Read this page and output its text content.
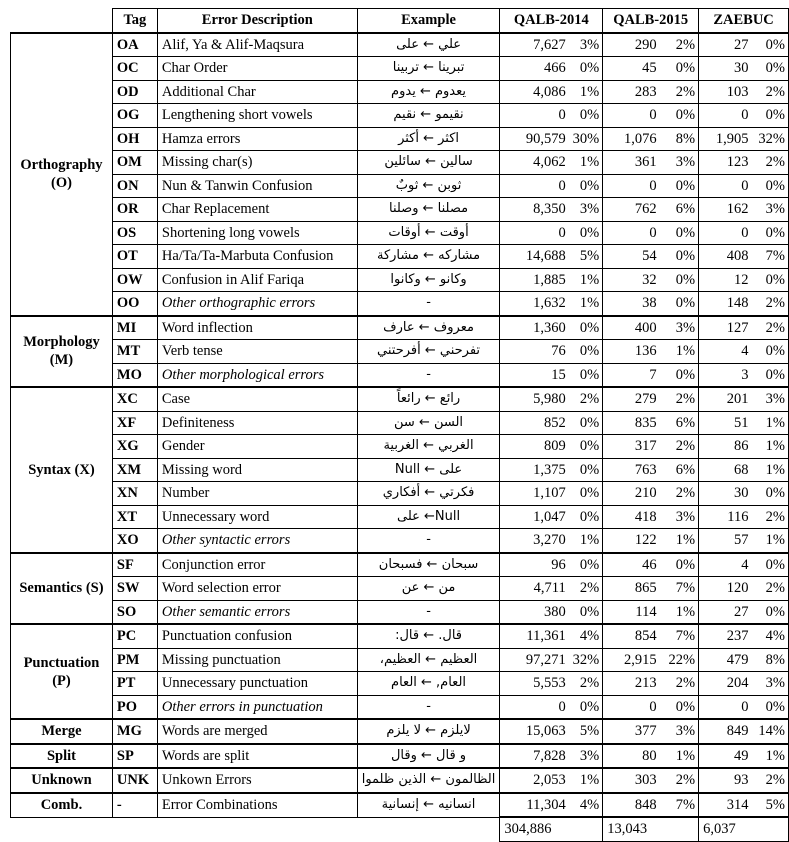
	Tag	Error Description	Example	QALB-2014		QALB-2015		ZAEBUC	
Orthography (O)	OA	Alif, Ya & Alif-Maqsura	علي ← على	7,627	3%	290	2%	27	0%
	OC	Char Order	تبرينا ← تربينا	466	0%	45	0%	30	0%
	OD	Additional Char	يعدوم ← يدوم	4,086	1%	283	2%	103	2%
	OG	Lengthening short vowels	نقيمو ← نقيم	0	0%	0	0%	0	0%
	OH	Hamza errors	اكثر ← أكثر	90,579	30%	1,076	8%	1,905	32%
	OM	Missing char(s)	سالين ← سائلين	4,062	1%	361	3%	123	2%
	ON	Nun & Tanwin Confusion	ثوبن ← ثوبٌ	0	0%	0	0%	0	0%
	OR	Char Replacement	مصلنا ← وصلنا	8,350	3%	762	6%	162	3%
	OS	Shortening long vowels	أوقت ← أوقات	0	0%	0	0%	0	0%
	OT	Ha/Ta/Ta-Marbuta Confusion	مشاركه ← مشاركة	14,688	5%	54	0%	408	7%
	OW	Confusion in Alif Fariqa	وكانو ← وكانوا	1,885	1%	32	0%	12	0%
	OO	Other orthographic errors	-	1,632	1%	38	0%	148	2%
Morphology (M)	MI	Word inflection	معروف ← عارف	1,360	0%	400	3%	127	2%
	MT	Verb tense	تفرحني ← أفرحتني	76	0%	136	1%	4	0%
	MO	Other morphological errors	-	15	0%	7	0%	3	0%
Syntax (X)	XC	Case	رائع ← رائعاً	5,980	2%	279	2%	201	3%
	XF	Definiteness	السن ← سن	852	0%	835	6%	51	1%
	XG	Gender	الغربي ← الغربية	809	0%	317	2%	86	1%
	XM	Missing word	على ← Null	1,375	0%	763	6%	68	1%
	XN	Number	فكرتي ← أفكاري	1,107	0%	210	2%	30	0%
	XT	Unnecessary word	Null← على	1,047	0%	418	3%	116	2%
	XO	Other syntactic errors	-	3,270	1%	122	1%	57	1%
Semantics (S)	SF	Conjunction error	سبحان ← فسبحان	96	0%	46	0%	4	0%
	SW	Word selection error	من ← عن	4,711	2%	865	7%	120	2%
	SO	Other semantic errors	-	380	0%	114	1%	27	0%
Punctuation (P)	PC	Punctuation confusion	قال. ← قال:	11,361	4%	854	7%	237	4%
	PM	Missing punctuation	العظيم ← العظيم،	97,271	32%	2,915	22%	479	8%
	PT	Unnecessary punctuation	العام, ← العام	5,553	2%	213	2%	204	3%
	PO	Other errors in punctuation	-	0	0%	0	0%	0	0%
Merge	MG	Words are merged	لايلزم ← لا يلزم	15,063	5%	377	3%	849	14%
Split	SP	Words are split	و قال ← وقال	7,828	3%	80	1%	49	1%
Unknown	UNK	Unkown Errors	الظالمون ← الذين ظلموا	2,053	1%	303	2%	93	2%
Comb.	-	Error Combinations	انسانيه ← إنسانية	11,304	4%	848	7%	314	5%
				304,886		13,043		6,037	
